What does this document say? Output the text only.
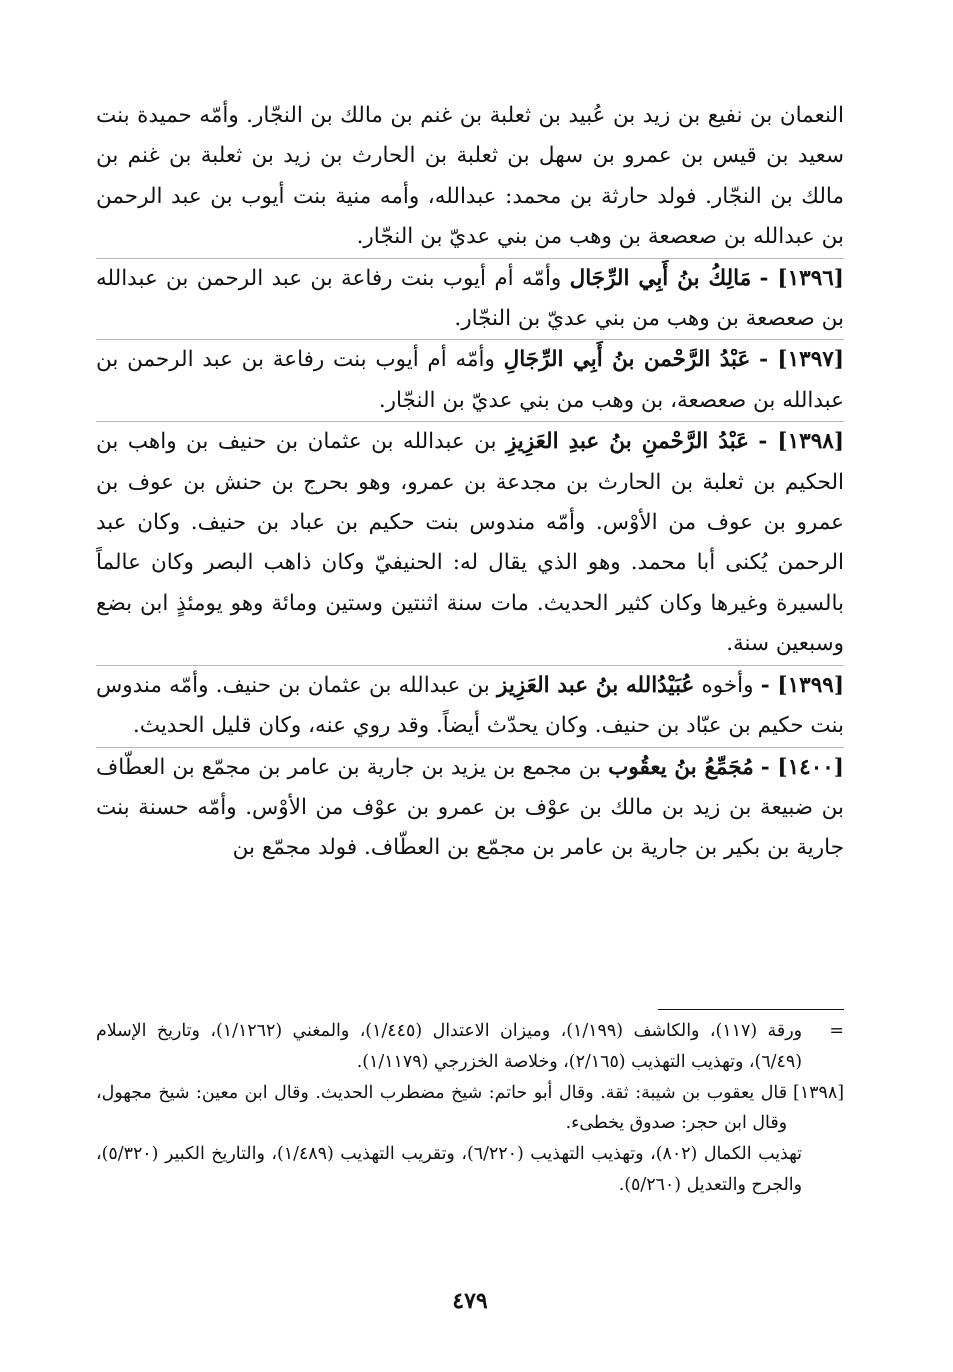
النعمان بن نفيع بن زيد بن عُبيد بن ثعلبة بن غنم بن مالك بن النجّار. وأمّه حميدة بنت سعيد بن قيس بن عمرو بن سهل بن ثعلبة بن الحارث بن زيد بن ثعلبة بن غنم بن مالك بن النجّار. فولد حارثة بن محمد: عبدالله، وأمه منية بنت أيوب بن عبد الرحمن بن عبدالله بن صعصعة بن وهب من بني عديّ بن النجّار.

[١٣٩٦] - مَالِكُ بنُ أَبِي الرِّجَال وأمّه أم أيوب بنت رفاعة بن عبد الرحمن بن عبدالله بن صعصعة بن وهب من بني عديّ بن النجّار.

[١٣٩٧] - عَبْدُ الرَّحْمن بنُ أَبِي الرِّجَالِ وأمّه أم أيوب بنت رفاعة بن عبد الرحمن بن عبدالله بن صعصعة، بن وهب من بني عديّ بن النجّار.

[١٣٩٨] - عَبْدُ الرَّحْمنِ بنُ عبدِ العَزِيزِ بن عبدالله بن عثمان بن حنيف بن واهب بن الحكيم بن ثعلبة بن الحارث بن مجدعة بن عمرو، وهو بحرج بن حنش بن عوف بن عمرو بن عوف من الأوْس. وأمّه مندوس بنت حكيم بن عباد بن حنيف. وكان عبد الرحمن يُكنى أبا محمد. وهو الذي يقال له: الحنيفيّ وكان ذاهب البصر وكان عالماً بالسيرة وغيرها وكان كثير الحديث. مات سنة اثنتين وستين ومائة وهو يومئذٍ ابن بضع وسبعين سنة.

[١٣٩٩] - وأخوه عُبَيْدُالله بنُ عبد العَزِيز بن عبدالله بن عثمان بن حنيف. وأمّه مندوس بنت حكيم بن عبّاد بن حنيف. وكان يحدّث أيضاً. وقد روي عنه، وكان قليل الحديث.

[١٤٠٠] - مُجَمِّعُ بنُ يعقُوب بن مجمع بن يزيد بن جارية بن عامر بن مجمّع بن العطّاف بن ضبيعة بن زيد بن مالك بن عوْف بن عمرو بن عوْف من الأوْس. وأمّه حسنة بنت جارية بن بكير بن جارية بن عامر بن مجمّع بن العطّاف. فولد مجمّع بن

=
ورقة (١١٧)، والكاشف (١/١٩٩)، وميزان الاعتدال (١/٤٤٥)، والمغني (١/١٢٦٢)، وتاريخ الإسلام (٦/٤٩)، وتهذيب التهذيب (٢/١٦٥)، وخلاصة الخزرجي (١/١١٧٩).

[١٣٩٨]
قال يعقوب بن شيبة: ثقة. وقال أبو حاتم: شيخ مضطرب الحديث. وقال ابن معين: شيخ مجهول، وقال ابن حجر: صدوق يخطىء.

تهذيب الكمال (٨٠٢)، وتهذيب التهذيب (٦/٢٢٠)، وتقريب التهذيب (١/٤٨٩)، والتاريخ الكبير (٥/٣٢٠)، والجرح والتعديل (٥/٢٦٠).

٤٧٩
